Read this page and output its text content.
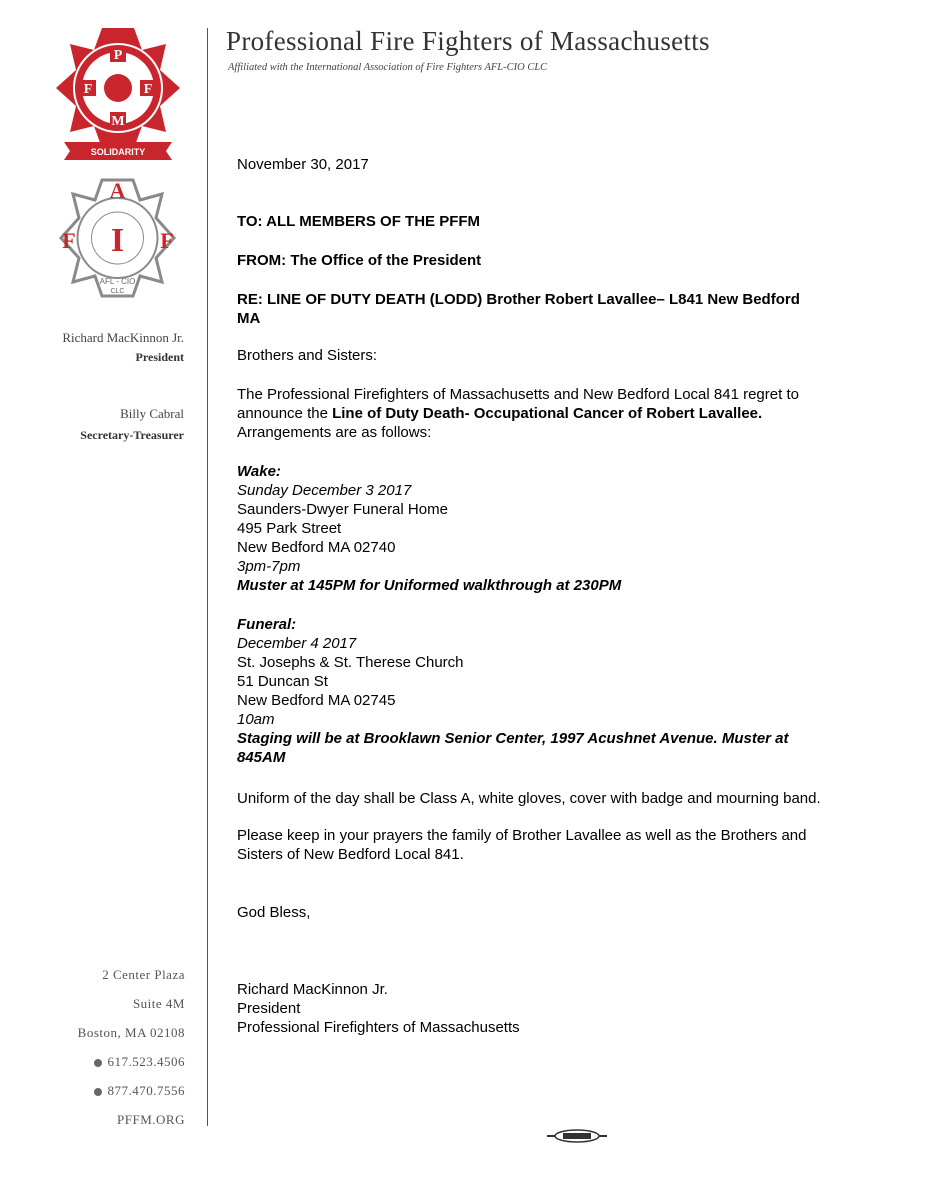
P
F	F
M
SOLIDARITY
A
I
F	F
AFL - CIO
CLC
Professional Fire Fighters of Massachusetts
Affiliated with the International Association of Fire Fighters AFL-CIO CLC
Richard MacKinnon Jr.
President
Billy Cabral
Secretary-Treasurer
2 Center Plaza
Suite 4M
Boston, MA 02108
617.523.4506
877.470.7556
PFFM.ORG
November 30, 2017
TO: ALL MEMBERS OF THE PFFM
FROM: The Office of the President
RE: LINE OF DUTY DEATH (LODD) Brother Robert Lavallee– L841 New Bedford
MA
Brothers and Sisters:
The Professional Firefighters of Massachusetts and New Bedford Local 841 regret to
announce the Line of Duty Death- Occupational Cancer of Robert Lavallee.
Arrangements are as follows:
Wake:
Sunday December 3 2017
Saunders-Dwyer Funeral Home
495 Park Street
New Bedford MA 02740
3pm-7pm
Muster at 145PM for Uniformed walkthrough at 230PM
Funeral:
December 4 2017
St. Josephs & St. Therese Church
51 Duncan St
New Bedford MA 02745
10am
Staging will be at Brooklawn Senior Center, 1997 Acushnet Avenue. Muster at
845AM
Uniform of the day shall be Class A, white gloves, cover with badge and mourning band.
Please keep in your prayers the family of Brother Lavallee as well as the Brothers and
Sisters of New Bedford Local 841.
God Bless,
Richard MacKinnon Jr.
President
Professional Firefighters of Massachusetts
